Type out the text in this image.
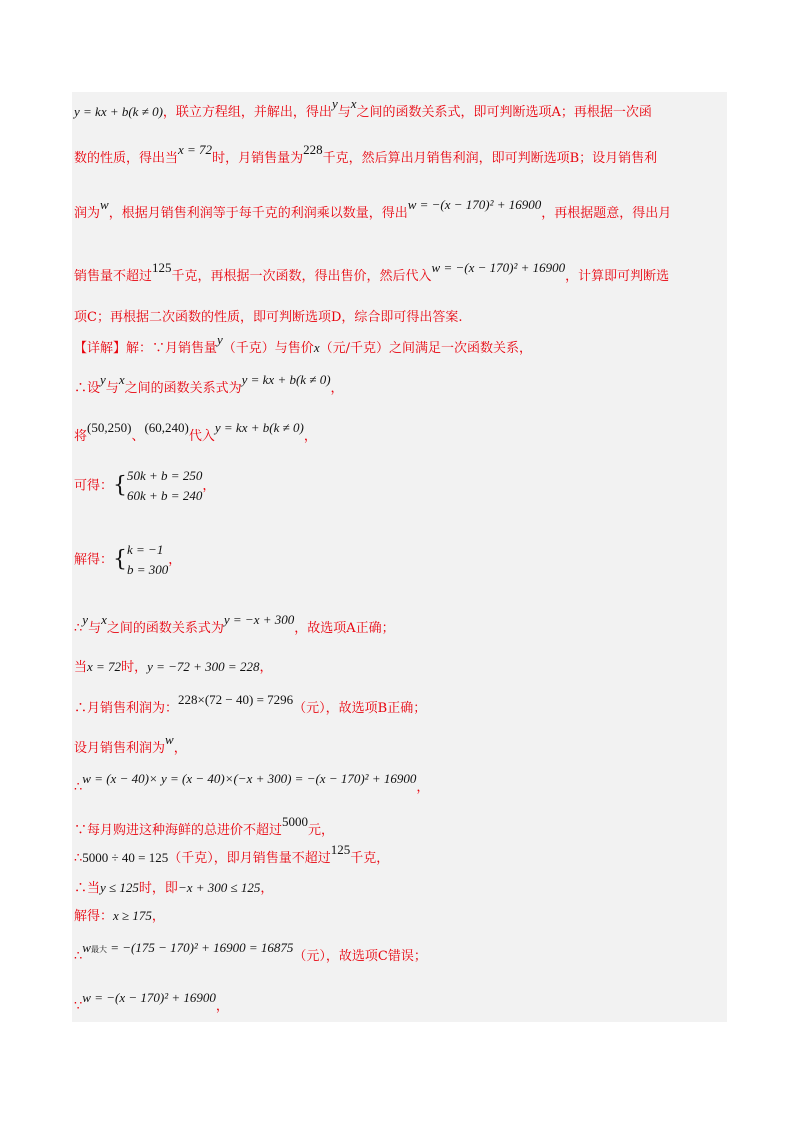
y = kx + b(k ≠ 0)，联立方程组，并解出，得出y与x之间的函数关系式，即可判断选项A；再根据一次函
数的性质，得出当x = 72时，月销售量为228千克，然后算出月销售利润，即可判断选项B；设月销售利
润为w，根据月销售利润等于每千克的利润乘以数量，得出w = −(x − 170)² + 16900，再根据题意，得出月
销售量不超过125千克，再根据一次函数，得出售价，然后代入w = −(x − 170)² + 16900，计算即可判断选
项C；再根据二次函数的性质，即可判断选项D，综合即可得出答案.
【详解】解：∵月销售量y（千克）与售价x（元/千克）之间满足一次函数关系，
∴设y与x之间的函数关系式为y = kx + b(k ≠ 0)，
将(50,250)、(60,240)代入y = kx + b(k ≠ 0)，
可得：{50k + b = 250
60k + b = 240，
解得：{k = −1
b = 300，
∴y与x之间的函数关系式为y = −x + 300，故选项A正确；
当x = 72时，y = −72 + 300 = 228，
∴月销售利润为：228×(72 − 40) = 7296（元），故选项B正确；
设月销售利润为w，
∴w = (x − 40)× y = (x − 40)×(−x + 300) = −(x − 170)² + 16900，
∵每月购进这种海鲜的总进价不超过5000元，
∴5000 ÷ 40 = 125（千克），即月销售量不超过125千克，
∴当y ≤ 125时，即−x + 300 ≤ 125，
解得：x ≥ 175，
∴w最大 = −(175 − 170)² + 16900 = 16875（元），故选项C错误；
∵w = −(x − 170)² + 16900，
